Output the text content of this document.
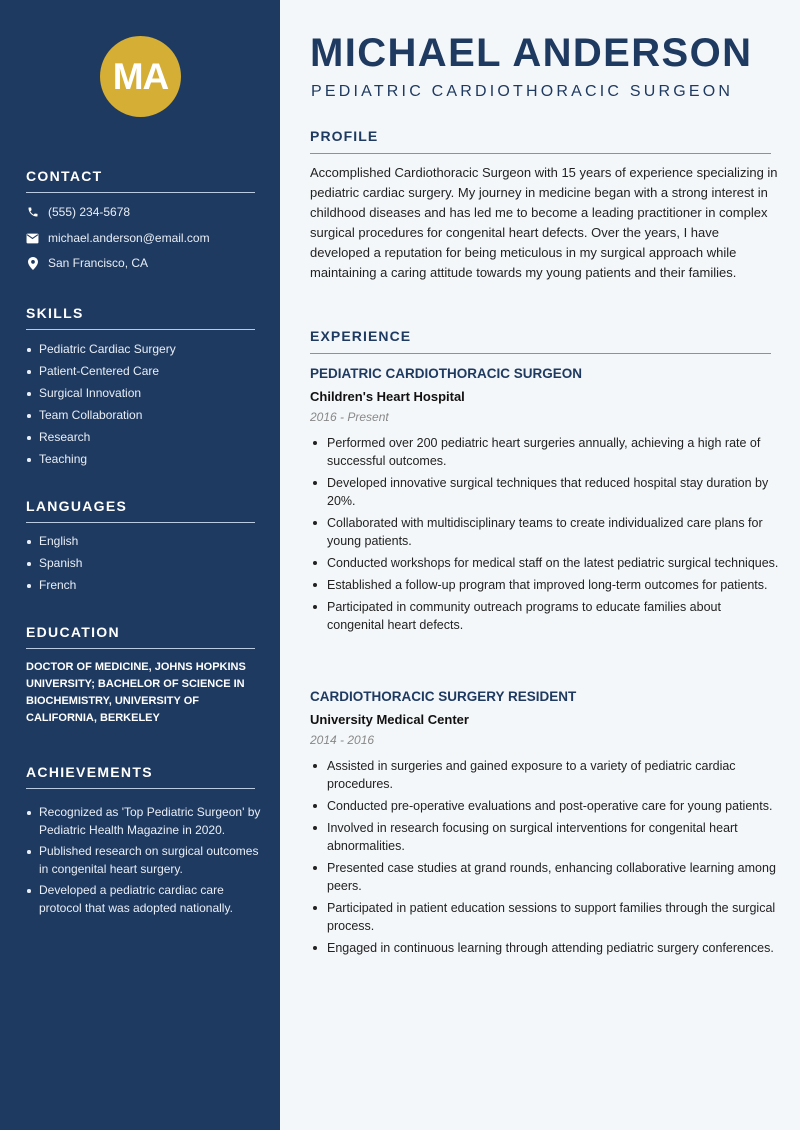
MA
CONTACT
(555) 234-5678
michael.anderson@email.com
San Francisco, CA
SKILLS
Pediatric Cardiac Surgery
Patient-Centered Care
Surgical Innovation
Team Collaboration
Research
Teaching
LANGUAGES
English
Spanish
French
EDUCATION
DOCTOR OF MEDICINE, JOHNS HOPKINS UNIVERSITY; BACHELOR OF SCIENCE IN BIOCHEMISTRY, UNIVERSITY OF CALIFORNIA, BERKELEY
ACHIEVEMENTS
Recognized as 'Top Pediatric Surgeon' by Pediatric Health Magazine in 2020.
Published research on surgical outcomes in congenital heart surgery.
Developed a pediatric cardiac care protocol that was adopted nationally.
MICHAEL ANDERSON
PEDIATRIC CARDIOTHORACIC SURGEON
PROFILE

Accomplished Cardiothoracic Surgeon with 15 years of experience specializing in pediatric cardiac surgery. My journey in medicine began with a strong interest in childhood diseases and has led me to become a leading practitioner in complex surgical procedures for congenital heart defects. Over the years, I have developed a reputation for being meticulous in my surgical approach while maintaining a caring attitude towards my young patients and their families.

EXPERIENCE
PEDIATRIC CARDIOTHORACIC SURGEON
Children's Heart Hospital
2016 - Present
Performed over 200 pediatric heart surgeries annually, achieving a high rate of successful outcomes.
Developed innovative surgical techniques that reduced hospital stay duration by 20%.
Collaborated with multidisciplinary teams to create individualized care plans for young patients.
Conducted workshops for medical staff on the latest pediatric surgical techniques.
Established a follow-up program that improved long-term outcomes for patients.
Participated in community outreach programs to educate families about congenital heart defects.
CARDIOTHORACIC SURGERY RESIDENT
University Medical Center
2014 - 2016
Assisted in surgeries and gained exposure to a variety of pediatric cardiac procedures.
Conducted pre-operative evaluations and post-operative care for young patients.
Involved in research focusing on surgical interventions for congenital heart abnormalities.
Presented case studies at grand rounds, enhancing collaborative learning among peers.
Participated in patient education sessions to support families through the surgical process.
Engaged in continuous learning through attending pediatric surgery conferences.
